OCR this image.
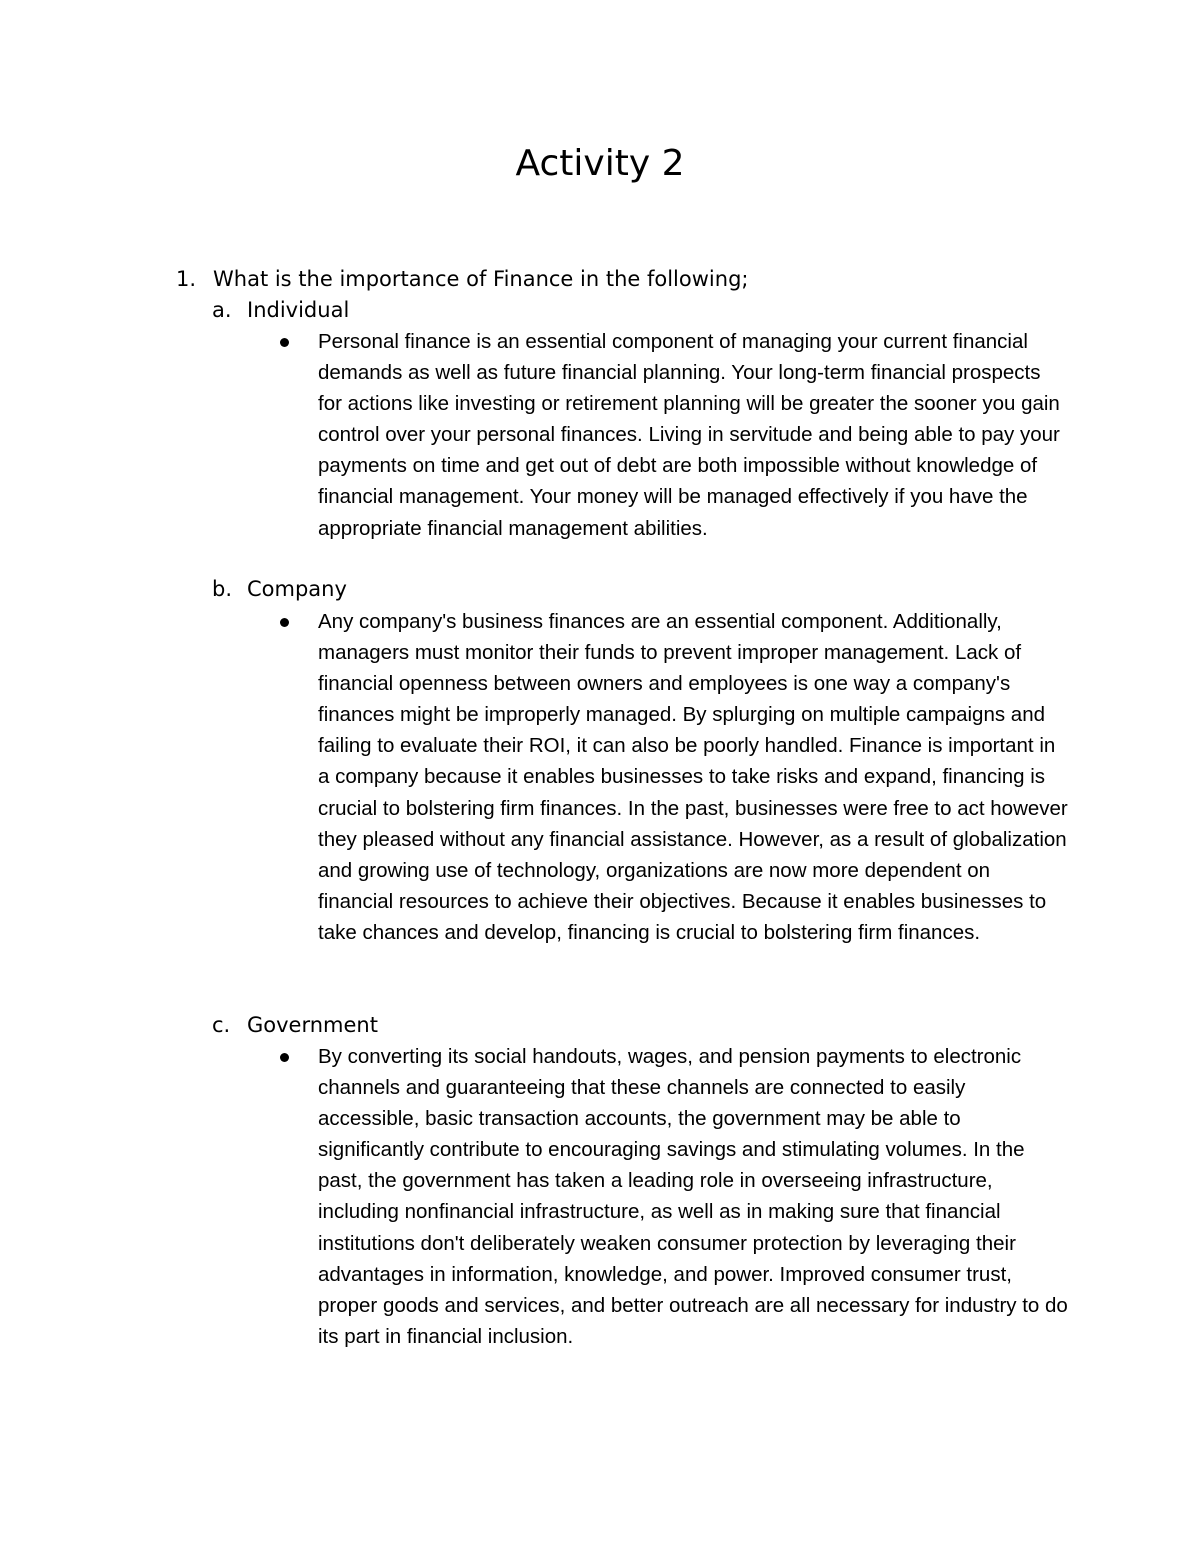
Activity 2
1. What is the importance of Finance in the following;
a. Individual

Personal finance is an essential component of managing your current financial demands as well as future financial planning. Your long-term financial prospects for actions like investing or retirement planning will be greater the sooner you gain control over your personal finances. Living in servitude and being able to pay your payments on time and get out of debt are both impossible without knowledge of financial management. Your money will be managed effectively if you have the appropriate financial management abilities.

b. Company

Any company's business finances are an essential component. Additionally, managers must monitor their funds to prevent improper management. Lack of financial openness between owners and employees is one way a company's finances might be improperly managed. By splurging on multiple campaigns and failing to evaluate their ROI, it can also be poorly handled. Finance is important in a company because it enables businesses to take risks and expand, financing is crucial to bolstering firm finances. In the past, businesses were free to act however they pleased without any financial assistance. However, as a result of globalization and growing use of technology, organizations are now more dependent on financial resources to achieve their objectives. Because it enables businesses to take chances and develop, financing is crucial to bolstering firm finances.

c. Government

By converting its social handouts, wages, and pension payments to electronic channels and guaranteeing that these channels are connected to easily accessible, basic transaction accounts, the government may be able to significantly contribute to encouraging savings and stimulating volumes. In the past, the government has taken a leading role in overseeing infrastructure, including nonfinancial infrastructure, as well as in making sure that financial institutions don't deliberately weaken consumer protection by leveraging their advantages in information, knowledge, and power. Improved consumer trust, proper goods and services, and better outreach are all necessary for industry to do its part in financial inclusion.
